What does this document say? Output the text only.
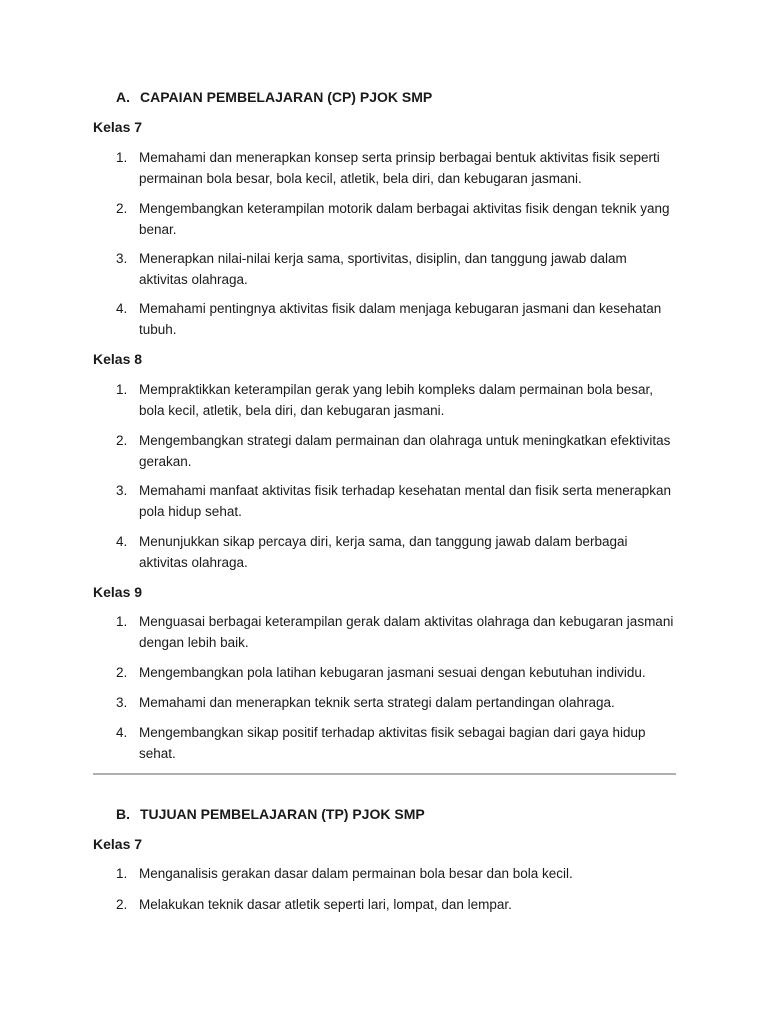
A. CAPAIAN PEMBELAJARAN (CP) PJOK SMP
Kelas 7
1. Memahami dan menerapkan konsep serta prinsip berbagai bentuk aktivitas fisik seperti permainan bola besar, bola kecil, atletik, bela diri, dan kebugaran jasmani.
2. Mengembangkan keterampilan motorik dalam berbagai aktivitas fisik dengan teknik yang benar.
3. Menerapkan nilai-nilai kerja sama, sportivitas, disiplin, dan tanggung jawab dalam aktivitas olahraga.
4. Memahami pentingnya aktivitas fisik dalam menjaga kebugaran jasmani dan kesehatan tubuh.
Kelas 8
1. Mempraktikkan keterampilan gerak yang lebih kompleks dalam permainan bola besar, bola kecil, atletik, bela diri, dan kebugaran jasmani.
2. Mengembangkan strategi dalam permainan dan olahraga untuk meningkatkan efektivitas gerakan.
3. Memahami manfaat aktivitas fisik terhadap kesehatan mental dan fisik serta menerapkan pola hidup sehat.
4. Menunjukkan sikap percaya diri, kerja sama, dan tanggung jawab dalam berbagai aktivitas olahraga.
Kelas 9
1. Menguasai berbagai keterampilan gerak dalam aktivitas olahraga dan kebugaran jasmani dengan lebih baik.
2. Mengembangkan pola latihan kebugaran jasmani sesuai dengan kebutuhan individu.
3. Memahami dan menerapkan teknik serta strategi dalam pertandingan olahraga.
4. Mengembangkan sikap positif terhadap aktivitas fisik sebagai bagian dari gaya hidup sehat.
B. TUJUAN PEMBELAJARAN (TP) PJOK SMP
Kelas 7
1. Menganalisis gerakan dasar dalam permainan bola besar dan bola kecil.
2. Melakukan teknik dasar atletik seperti lari, lompat, dan lempar.
